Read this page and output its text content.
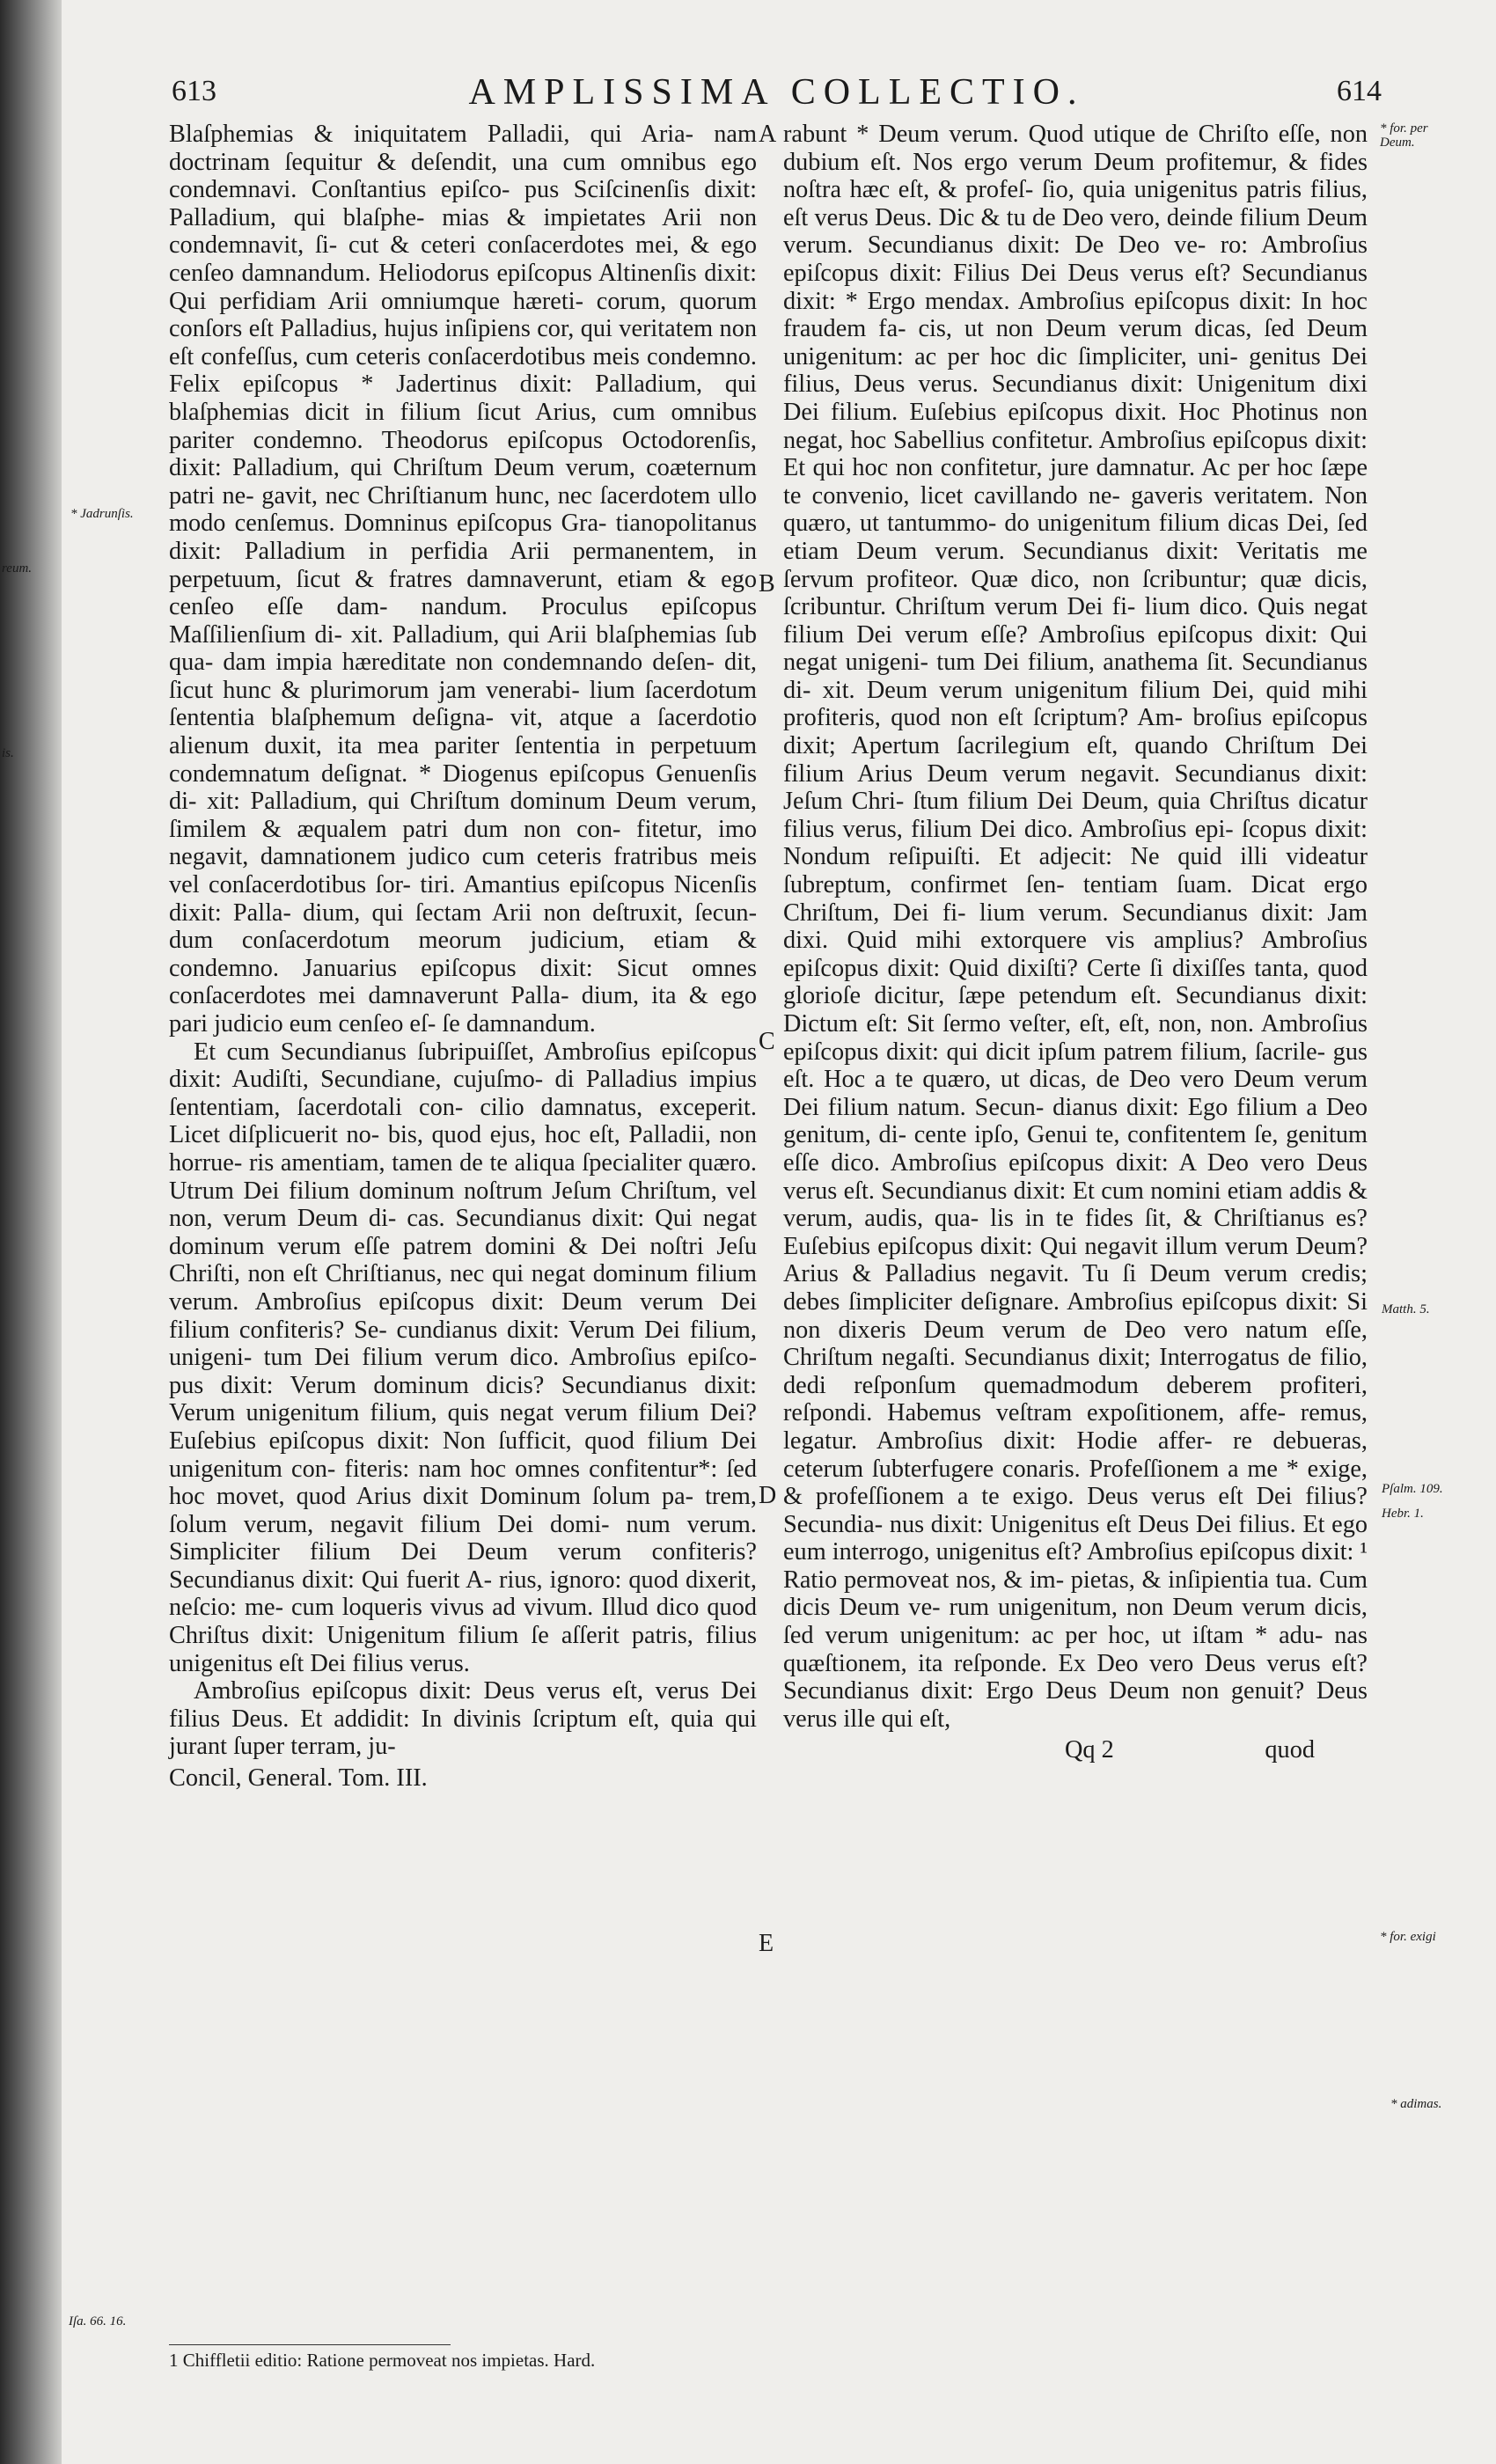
613	AMPLISSIMA COLLECTIO.	614

Blaſphemias & iniquitatem Palladii, qui Aria- nam doctrinam ſequitur & deſendit, una cum omnibus ego condemnavi. Conſtantius epiſco- pus Sciſcinenſis dixit: Palladium, qui blaſphe- mias & impietates Arii non condemnavit, ſi- cut & ceteri conſacerdotes mei, & ego cenſeo damnandum. Heliodorus epiſcopus Altinenſis dixit: Qui perfidiam Arii omniumque hæreti- corum, quorum conſors eſt Palladius, hujus inſipiens cor, qui veritatem non eſt confeſſus, cum ceteris conſacerdotibus meis condemno. Felix epiſcopus * Jadertinus dixit: Palladium, qui blaſphemias dicit in filium ſicut Arius, cum omnibus pariter condemno. Theodorus epiſcopus Octodorenſis, dixit: Palladium, qui Chriſtum Deum verum, coæternum patri ne- gavit, nec Chriſtianum hunc, nec ſacerdotem ullo modo cenſemus. Domninus epiſcopus Gra- tianopolitanus dixit: Palladium in perfidia Arii permanentem, in perpetuum, ſicut & fratres damnaverunt, etiam & ego cenſeo eſſe dam- nandum. Proculus epiſcopus Maſſilienſium di- xit. Palladium, qui Arii blaſphemias ſub qua- dam impia hæreditate non condemnando deſen- dit, ſicut hunc & plurimorum jam venerabi- lium ſacerdotum ſententia blaſphemum deſigna- vit, atque a ſacerdotio alienum duxit, ita mea pariter ſententia in perpetuum condemnatum deſignat. * Diogenus epiſcopus Genuenſis di- xit: Palladium, qui Chriſtum dominum Deum verum, ſimilem & æqualem patri dum non con- fitetur, imo negavit, damnationem judico cum ceteris fratribus meis vel conſacerdotibus ſor- tiri. Amantius epiſcopus Nicenſis dixit: Palla- dium, qui ſectam Arii non deſtruxit, ſecun- dum conſacerdotum meorum judicium, etiam & condemno. Januarius epiſcopus dixit: Sicut omnes conſacerdotes mei damnaverunt Palla- dium, ita & ego pari judicio eum cenſeo eſ- ſe damnandum.

Et cum Secundianus ſubripuiſſet, Ambroſius epiſcopus dixit: Audiſti, Secundiane, cujuſmo- di Palladius impius ſententiam, ſacerdotali con- cilio damnatus, exceperit. Licet diſplicuerit no- bis, quod ejus, hoc eſt, Palladii, non horrue- ris amentiam, tamen de te aliqua ſpecialiter quæro. Utrum Dei filium dominum noſtrum Jeſum Chriſtum, vel non, verum Deum di- cas. Secundianus dixit: Qui negat dominum verum eſſe patrem domini & Dei noſtri Jeſu Chriſti, non eſt Chriſtianus, nec qui negat dominum filium verum. Ambroſius epiſcopus dixit: Deum verum Dei filium confiteris? Se- cundianus dixit: Verum Dei filium, unigeni- tum Dei filium verum dico. Ambroſius epiſco- pus dixit: Verum dominum dicis? Secundianus dixit: Verum unigenitum filium, quis negat verum filium Dei? Euſebius epiſcopus dixit: Non ſufficit, quod filium Dei unigenitum con- fiteris: nam hoc omnes confitentur*: ſed hoc movet, quod Arius dixit Dominum ſolum pa- trem, ſolum verum, negavit filium Dei domi- num verum. Simpliciter filium Dei Deum verum confiteris? Secundianus dixit: Qui fuerit A- rius, ignoro: quod dixerit, neſcio: me- cum loqueris vivus ad vivum. Illud dico quod Chriſtus dixit: Unigenitum filium ſe aſſerit patris, filius unigenitus eſt Dei filius verus.

Ambroſius epiſcopus dixit: Deus verus eſt, verus Dei filius Deus. Et addidit: In divinis ſcriptum eſt, quia qui jurant ſuper terram, ju-

Concil, General. Tom. III.

rabunt * Deum verum. Quod utique de Chriſto eſſe, non dubium eſt. Nos ergo verum Deum profitemur, & fides noſtra hæc eſt, & profeſ- ſio, quia unigenitus patris filius, eſt verus Deus. Dic & tu de Deo vero, deinde filium Deum verum. Secundianus dixit: De Deo ve- ro: Ambroſius epiſcopus dixit: Filius Dei Deus verus eſt? Secundianus dixit: * Ergo mendax. Ambroſius epiſcopus dixit: In hoc fraudem fa- cis, ut non Deum verum dicas, ſed Deum unigenitum: ac per hoc dic ſimpliciter, uni- genitus Dei filius, Deus verus. Secundianus dixit: Unigenitum dixi Dei filium. Euſebius epiſcopus dixit. Hoc Photinus non negat, hoc Sabellius confitetur. Ambroſius epiſcopus dixit: Et qui hoc non confitetur, jure damnatur. Ac per hoc ſæpe te convenio, licet cavillando ne- gaveris veritatem. Non quæro, ut tantummo- do unigenitum filium dicas Dei, ſed etiam Deum verum. Secundianus dixit: Veritatis me ſervum profiteor. Quæ dico, non ſcribuntur; quæ dicis, ſcribuntur. Chriſtum verum Dei fi- lium dico. Quis negat filium Dei verum eſſe? Ambroſius epiſcopus dixit: Qui negat unigeni- tum Dei filium, anathema ſit. Secundianus di- xit. Deum verum unigenitum filium Dei, quid mihi profiteris, quod non eſt ſcriptum? Am- broſius epiſcopus dixit; Apertum ſacrilegium eſt, quando Chriſtum Dei filium Arius Deum verum negavit. Secundianus dixit: Jeſum Chri- ſtum filium Dei Deum, quia Chriſtus dicatur filius verus, filium Dei dico. Ambroſius epi- ſcopus dixit: Nondum reſipuiſti. Et adjecit: Ne quid illi videatur ſubreptum, confirmet ſen- tentiam ſuam. Dicat ergo Chriſtum, Dei fi- lium verum. Secundianus dixit: Jam dixi. Quid mihi extorquere vis amplius? Ambroſius epiſcopus dixit: Quid dixiſti? Certe ſi dixiſſes tanta, quod glorioſe dicitur, ſæpe petendum eſt. Secundianus dixit: Dictum eſt: Sit ſermo veſter, eſt, eſt, non, non. Ambroſius epiſcopus dixit: qui dicit ipſum patrem filium, ſacrile- gus eſt. Hoc a te quæro, ut dicas, de Deo vero Deum verum Dei filium natum. Secun- dianus dixit: Ego filium a Deo genitum, di- cente ipſo, Genui te, confitentem ſe, genitum eſſe dico. Ambroſius epiſcopus dixit: A Deo vero Deus verus eſt. Secundianus dixit: Et cum nomini etiam addis & verum, audis, qua- lis in te fides ſit, & Chriſtianus es? Euſebius epiſcopus dixit: Qui negavit illum verum Deum? Arius & Palladius negavit. Tu ſi Deum verum credis; debes ſimpliciter deſignare. Ambroſius epiſcopus dixit: Si non dixeris Deum verum de Deo vero natum eſſe, Chriſtum negaſti. Secundianus dixit; Interrogatus de filio, dedi reſponſum quemadmodum deberem profiteri, reſpondi. Habemus veſtram expoſitionem, affe- remus, legatur. Ambroſius dixit: Hodie affer- re debueras, ceterum ſubterfugere conaris. Profeſſionem a me * exige, & profeſſionem a te exigo. Deus verus eſt Dei filius? Secundia- nus dixit: Unigenitus eſt Deus Dei filius. Et ego eum interrogo, unigenitus eſt? Ambroſius epiſcopus dixit: ¹ Ratio permoveat nos, & im- pietas, & inſipientia tua. Cum dicis Deum ve- rum unigenitum, non Deum verum dicis, ſed verum unigenitum: ac per hoc, ut iſtam * adu- nas quæſtionem, ita reſponde. Ex Deo vero Deus verus eſt? Secundianus dixit: Ergo Deus Deum non genuit? Deus verus ille qui eſt,

Qq 2	quod
A
B
C
D
E
* Jadrunſis.
reum.
is.
Iſa. 66. 16.
* for. per Deum.
Matth. 5.
Pſalm. 109.
Hebr. 1.
* for. exigi
* adimas.
1 Chiffletii editio: Ratione permoveat nos impietas. Hard.
